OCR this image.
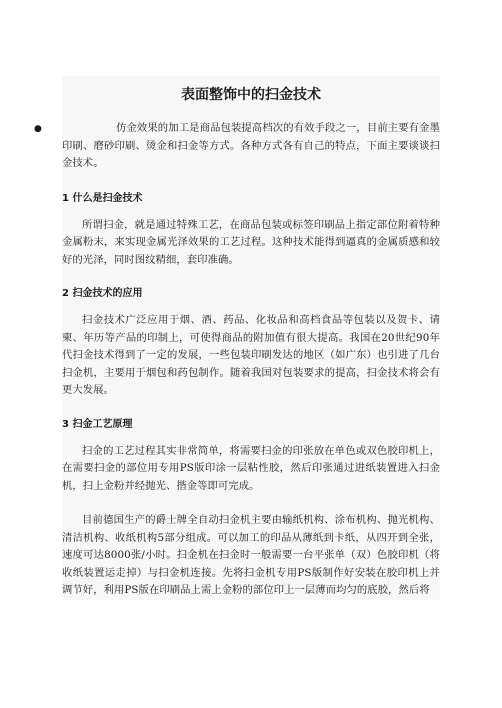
表面整饰中的扫金技术
●	仿金效果的加工是商品包装提高档次的有效手段之一，目前主要有金墨印刷、磨砂印刷、烫金和扫金等方式。各种方式各有自己的特点，下面主要谈谈扫金技术。

1 什么是扫金技术

所谓扫金，就是通过特殊工艺，在商品包装或标签印刷品上指定部位附着特种金属粉末，来实现金属光泽效果的工艺过程。这种技术能得到逼真的金属质感和较好的光泽，同时图纹精细，套印准确。

2 扫金技术的应用

扫金技术广泛应用于烟、酒、药品、化妆品和高档食品等包装以及贺卡、请柬、年历等产品的印制上，可使得商品的附加值有很大提高。我国在20世纪90年代扫金技术得到了一定的发展，一些包装印刷发达的地区（如广东）也引进了几台扫金机，主要用于烟包和药包制作。随着我国对包装要求的提高，扫金技术将会有更大发展。

3 扫金工艺原理

扫金的工艺过程其实非常简单，将需要扫金的印张放在单色或双色胶印机上，在需要扫金的部位用专用PS版印涂一层粘性胶，然后印张通过进纸装置进入扫金机，扫上金粉并经抛光、揩金等即可完成。

目前德国生产的爵士牌全自动扫金机主要由输纸机构、涂布机构、抛光机构、清洁机构、收纸机构5部分组成。可以加工的印品从薄纸到卡纸，从四开到全张，速度可达8000张/小时。扫金机在扫金时一般需要一台平张单（双）色胶印机（将收纸装置运走掉）与扫金机连接。先将扫金机专用PS版制作好安装在胶印机上并调节好，利用PS版在印刷品上需上金粉的部位印上一层薄而均匀的底胶，然后将
